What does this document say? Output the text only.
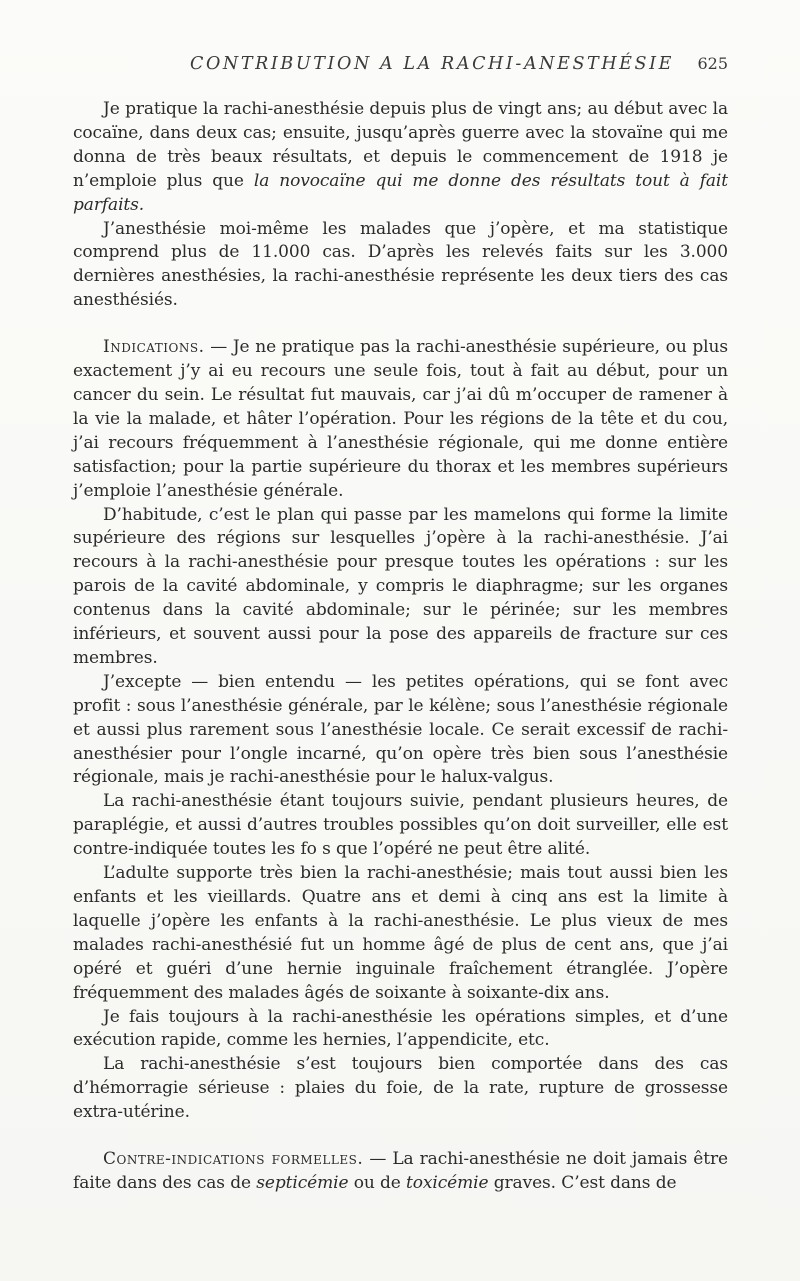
CONTRIBUTION A LA RACHI-ANESTHÉSIE 625

Je pratique la rachi-anesthésie depuis plus de vingt ans; au début avec la cocaïne, dans deux cas; ensuite, jusqu’après guerre avec la stovaïne qui me donna de très beaux résultats, et depuis le commencement de 1918 je n’emploie plus que la novocaïne qui me donne des résultats tout à fait parfaits.

J’anesthésie moi-même les malades que j’opère, et ma statistique comprend plus de 11.000 cas. D’après les relevés faits sur les 3.000 dernières anesthésies, la rachi-anesthésie représente les deux tiers des cas anesthésiés.

Indications. — Je ne pratique pas la rachi-anesthésie supérieure, ou plus exactement j’y ai eu recours une seule fois, tout à fait au début, pour un cancer du sein. Le résultat fut mauvais, car j’ai dû m’occuper de ramener à la vie la malade, et hâter l’opération. Pour les régions de la tête et du cou, j’ai recours fréquemment à l’anesthésie régionale, qui me donne entière satisfaction; pour la partie supérieure du thorax et les membres supérieurs j’emploie l’anesthésie générale.

D’habitude, c’est le plan qui passe par les mamelons qui forme la limite supérieure des régions sur lesquelles j’opère à la rachi-anesthésie. J’ai recours à la rachi-anesthésie pour presque toutes les opérations : sur les parois de la cavité abdominale, y compris le diaphragme; sur les organes contenus dans la cavité abdominale; sur le périnée; sur les membres inférieurs, et souvent aussi pour la pose des appareils de fracture sur ces membres.

J’excepte — bien entendu — les petites opérations, qui se font avec profit : sous l’anesthésie générale, par le kélène; sous l’anesthésie régionale et aussi plus rarement sous l’anesthésie locale. Ce serait excessif de rachi-anesthésier pour l’ongle incarné, qu’on opère très bien sous l’anesthésie régionale, mais je rachi-anesthésie pour le halux-valgus.

La rachi-anesthésie étant toujours suivie, pendant plusieurs heures, de paraplégie, et aussi d’autres troubles possibles qu’on doit surveiller, elle est contre-indiquée toutes les fo s que l’opéré ne peut être alité.

L’adulte supporte très bien la rachi-anesthésie; mais tout aussi bien les enfants et les vieillards. Quatre ans et demi à cinq ans est la limite à laquelle j’opère les enfants à la rachi-anesthésie. Le plus vieux de mes malades rachi-anesthésié fut un homme âgé de plus de cent ans, que j’ai opéré et guéri d’une hernie inguinale fraîchement étranglée. J’opère fréquemment des malades âgés de soixante à soixante-dix ans.

Je fais toujours à la rachi-anesthésie les opérations simples, et d’une exécution rapide, comme les hernies, l’appendicite, etc.

La rachi-anesthésie s’est toujours bien comportée dans des cas d’hémorragie sérieuse : plaies du foie, de la rate, rupture de grossesse extra-utérine.

Contre-indications formelles. — La rachi-anesthésie ne doit jamais être faite dans des cas de septicémie ou de toxicémie graves. C’est dans de
